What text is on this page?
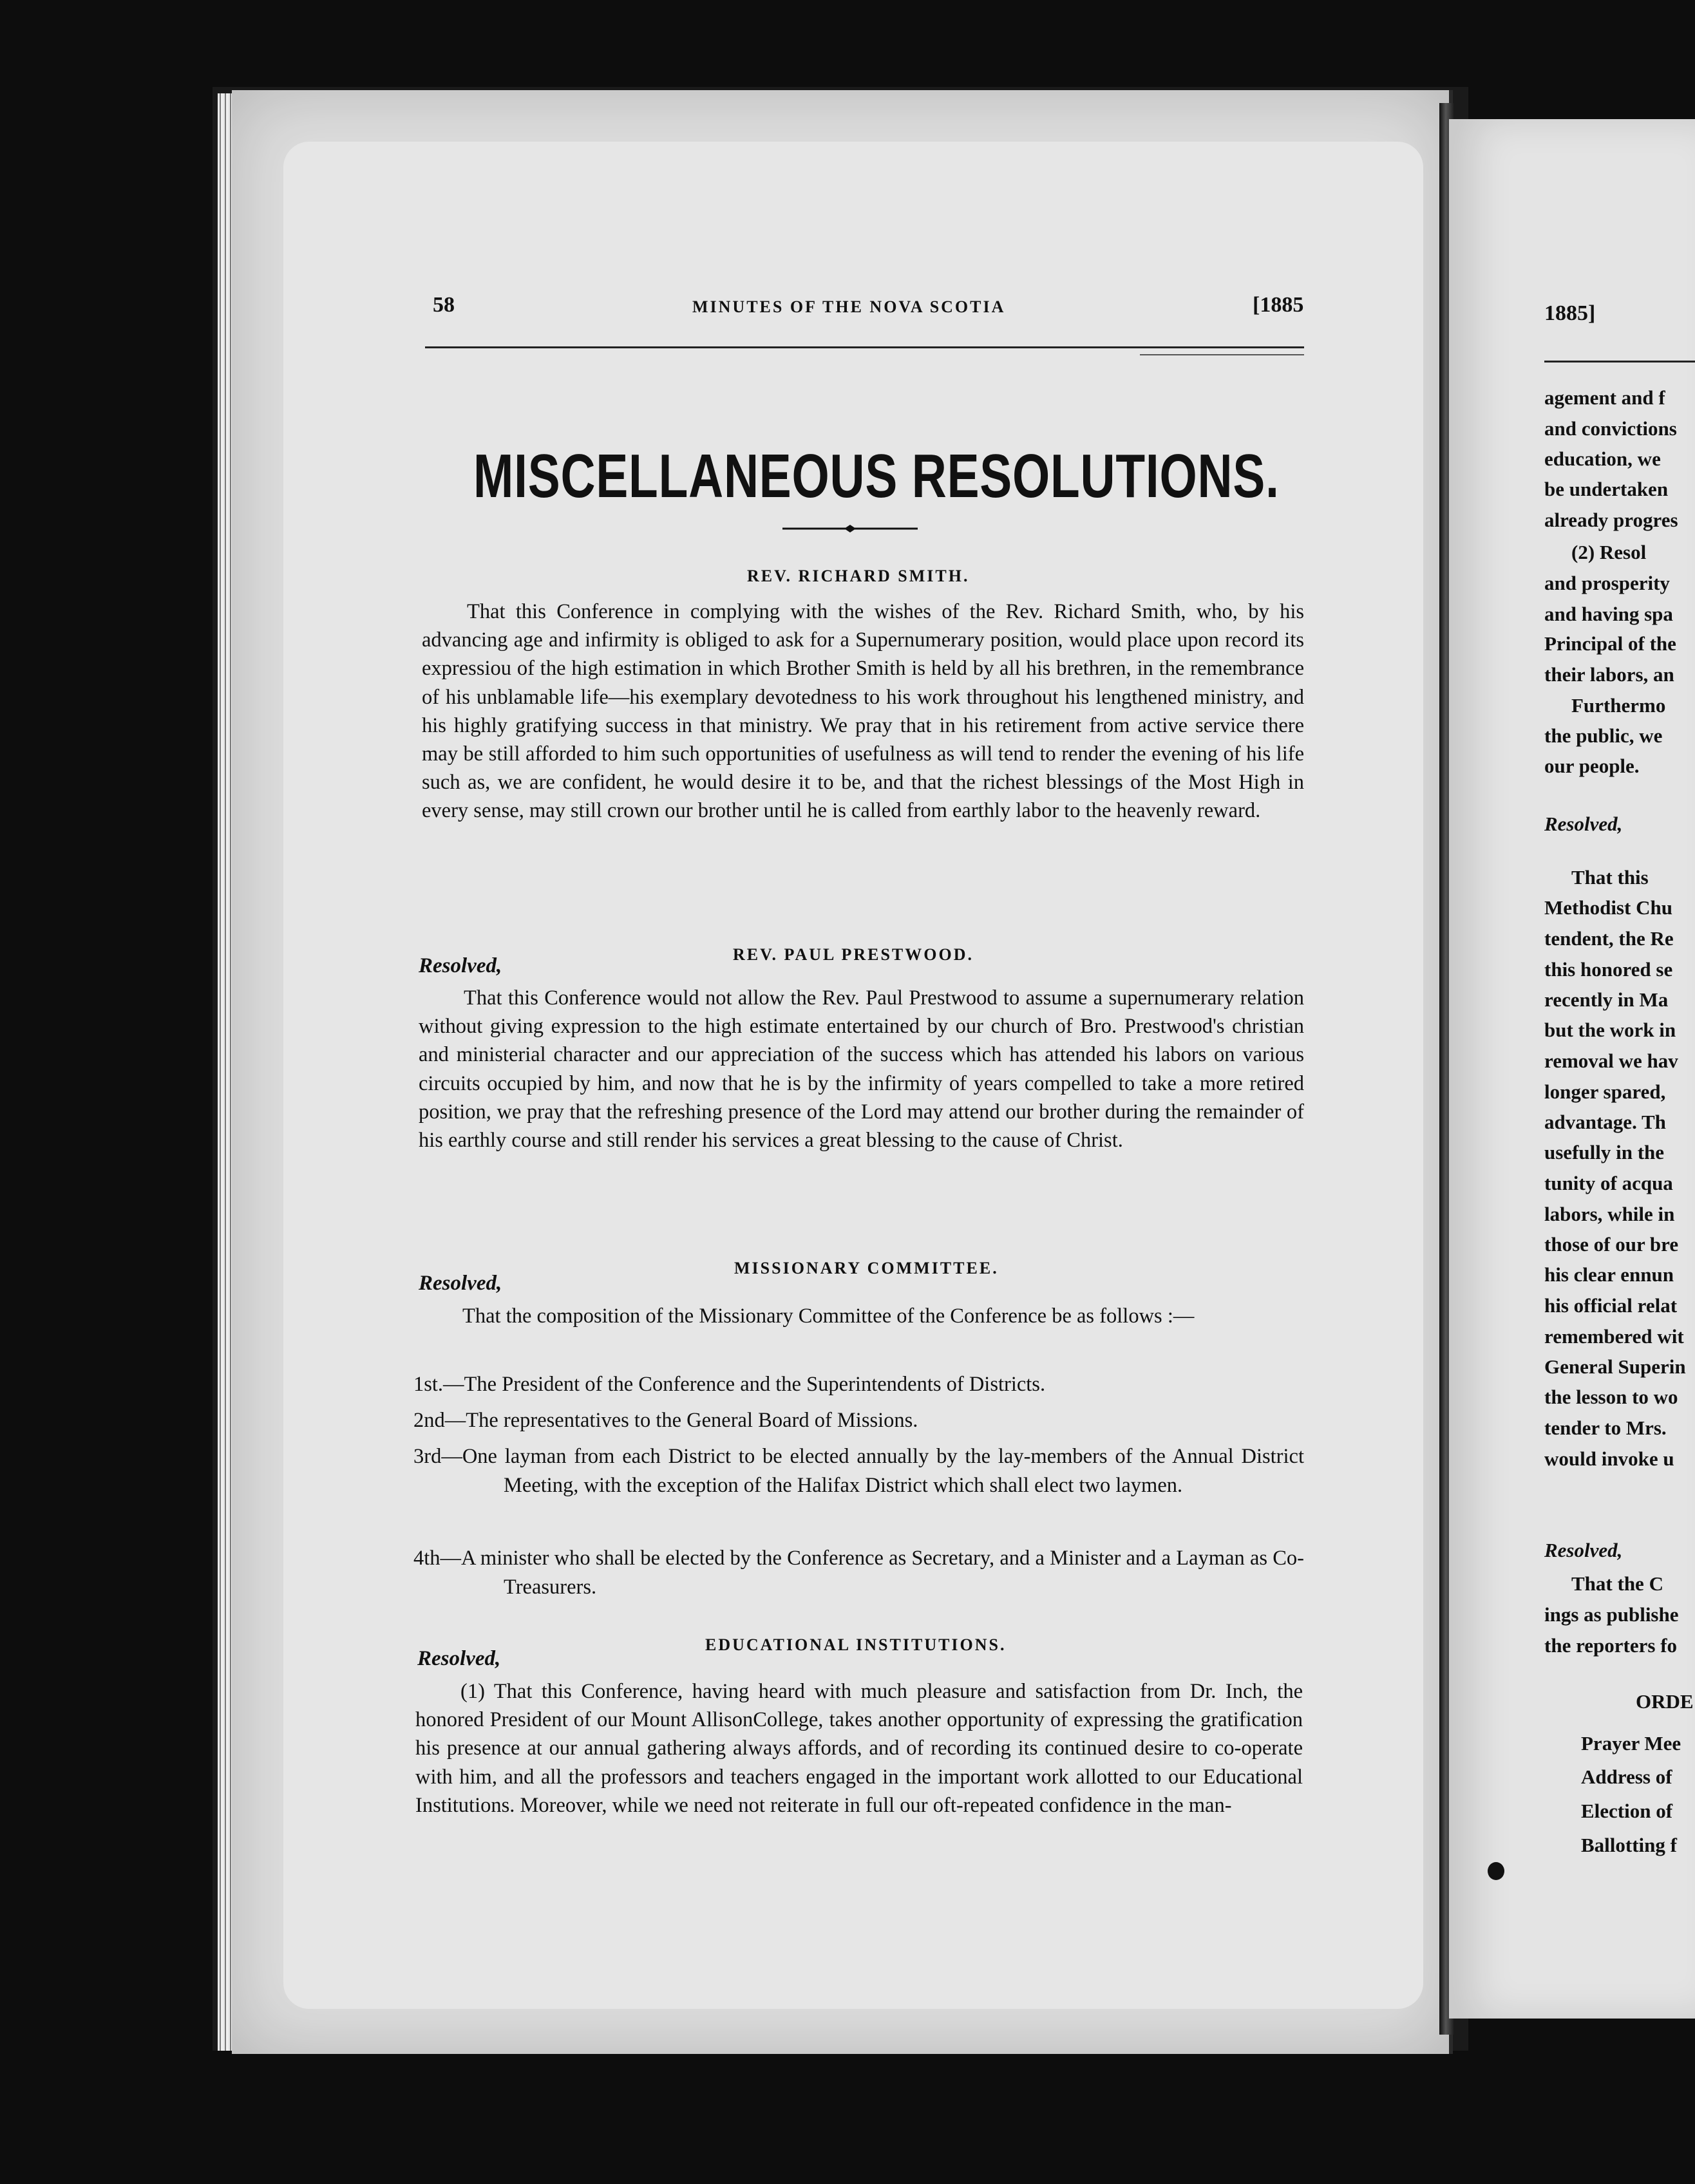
58	MINUTES OF THE NOVA SCOTIA	[1885
MISCELLANEOUS RESOLUTIONS.
REV. RICHARD SMITH.

That this Conference in complying with the wishes of the Rev. Richard Smith, who, by his advancing age and infirmity is obliged to ask for a Supernumerary position, would place upon record its expressiou of the high estimation in which Brother Smith is held by all his brethren, in the remembrance of his unblamable life—his exemplary devotedness to his work throughout his lengthened ministry, and his highly gratifying success in that ministry. We pray that in his retirement from active service there may be still afforded to him such opportunities of usefulness as will tend to render the evening of his life such as, we are confident, he would desire it to be, and that the richest blessings of the Most High in every sense, may still crown our brother until he is called from earthly labor to the heavenly reward.

REV. PAUL PRESTWOOD.
Resolved,

That this Conference would not allow the Rev. Paul Prestwood to assume a supernumerary relation without giving expression to the high estimate entertained by our church of Bro. Prestwood's christian and ministerial character and our appreciation of the success which has attended his labors on various circuits occupied by him, and now that he is by the infirmity of years compelled to take a more retired position, we pray that the refreshing presence of the Lord may attend our brother during the remainder of his earthly course and still render his services a great blessing to the cause of Christ.

MISSIONARY COMMITTEE.
Resolved,

That the composition of the Missionary Committee of the Conference be as follows :—

1st.—The President of the Conference and the Superintendents of Districts.
2nd—The representatives to the General Board of Missions.
3rd—One layman from each District to be elected annually by the lay-members of the Annual District Meeting, with the exception of the Halifax District which shall elect two laymen.
4th—A minister who shall be elected by the Conference as Secretary, and a Minister and a Layman as Co-Treasurers.
EDUCATIONAL INSTITUTIONS.
Resolved,

(1) That this Conference, having heard with much pleasure and satisfaction from Dr. Inch, the honored President of our Mount AllisonCollege, takes another opportunity of expressing the gratification his presence at our annual gathering always affords, and of recording its continued desire to co-operate with him, and all the professors and teachers engaged in the important work allotted to our Educational Institutions. Moreover, while we need not reiterate in full our oft-repeated confidence in the man-

1885]
agement and f
and convictions
education, we
be undertaken
already progres
(2) Resol
and prosperity
and having spa
Principal of the
their labors, an
Furthermo
the public, we
our people.
Resolved,
That this
Methodist Chu
tendent, the Re
this honored se
recently in Ma
but the work in
removal we hav
longer spared,
advantage. Th
usefully in the
tunity of acqua
labors, while in
those of our bre
his clear ennun
his official relat
remembered wit
General Superin
the lesson to wo
tender to Mrs.
would invoke u
Resolved,
That the C
ings as publishe
the reporters fo
ORDE
Prayer Mee
Address of
Election of
Ballotting f
